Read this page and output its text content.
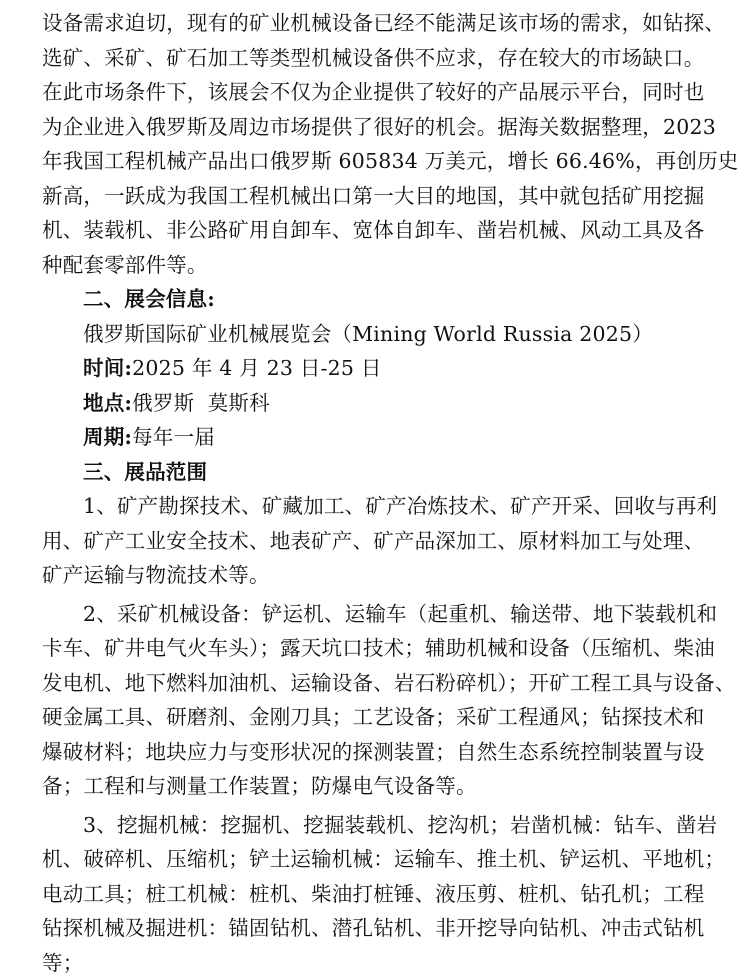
设备需求迫切，现有的矿业机械设备已经不能满足该市场的需求，如钻探、
选矿、采矿、矿石加工等类型机械设备供不应求，存在较大的市场缺口。
在此市场条件下，该展会不仅为企业提供了较好的产品展示平台，同时也
为企业进入俄罗斯及周边市场提供了很好的机会。据海关数据整理，2023
年我国工程机械产品出口俄罗斯 605834 万美元，增长 66.46%，再创历史
新高，一跃成为我国工程机械出口第一大目的地国，其中就包括矿用挖掘
机、装载机、非公路矿用自卸车、宽体自卸车、凿岩机械、风动工具及各
种配套零部件等。
二、展会信息:
俄罗斯国际矿业机械展览会（Mining World Russia 2025）
时间:2025 年 4 月 23 日-25 日
地点:俄罗斯  莫斯科
周期:每年一届
三、展品范围
1、矿产勘探技术、矿藏加工、矿产冶炼技术、矿产开采、回收与再利
用、矿产工业安全技术、地表矿产、矿产品深加工、原材料加工与处理、
矿产运输与物流技术等。
2、采矿机械设备：铲运机、运输车（起重机、输送带、地下装载机和
卡车、矿井电气火车头）；露天坑口技术；辅助机械和设备（压缩机、柴油
发电机、地下燃料加油机、运输设备、岩石粉碎机）；开矿工程工具与设备、
硬金属工具、研磨剂、金刚刀具；工艺设备；采矿工程通风；钻探技术和
爆破材料；地块应力与变形状况的探测装置；自然生态系统控制装置与设
备；工程和与测量工作装置；防爆电气设备等。
3、挖掘机械：挖掘机、挖掘装载机、挖沟机；岩凿机械：钻车、凿岩
机、破碎机、压缩机；铲土运输机械：运输车、推土机、铲运机、平地机；
电动工具；桩工机械：桩机、柴油打桩锤、液压剪、桩机、钻孔机；工程
钻探机械及掘进机：锚固钻机、潜孔钻机、非开挖导向钻机、冲击式钻机
等；
